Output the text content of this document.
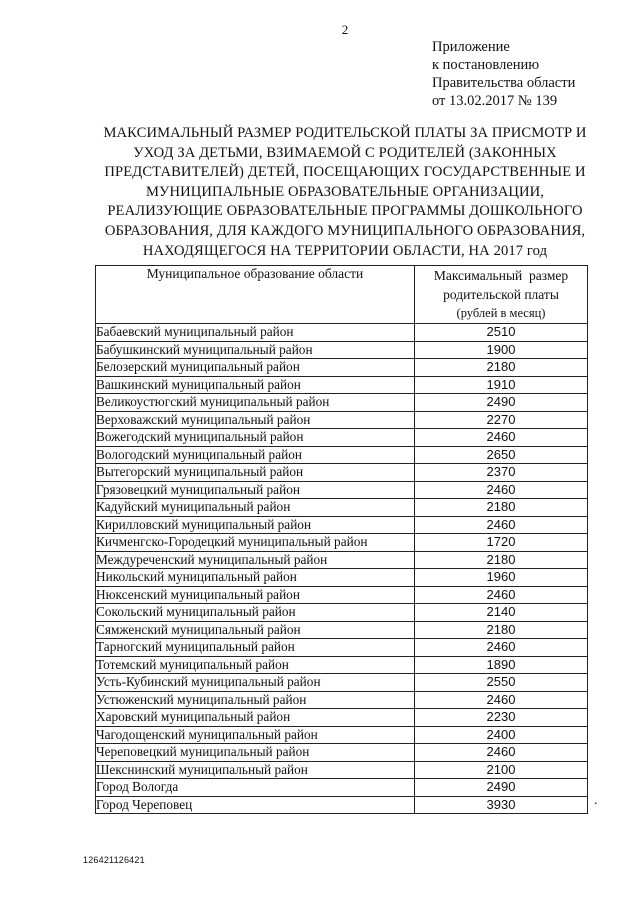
2
Приложение
к постановлению
Правительства области
от 13.02.2017 № 139
МАКСИМАЛЬНЫЙ РАЗМЕР РОДИТЕЛЬСКОЙ ПЛАТЫ ЗА ПРИСМОТР И
УХОД ЗА ДЕТЬМИ, ВЗИМАЕМОЙ С РОДИТЕЛЕЙ (ЗАКОННЫХ
ПРЕДСТАВИТЕЛЕЙ) ДЕТЕЙ, ПОСЕЩАЮЩИХ ГОСУДАРСТВЕННЫЕ И
МУНИЦИПАЛЬНЫЕ ОБРАЗОВАТЕЛЬНЫЕ ОРГАНИЗАЦИИ,
РЕАЛИЗУЮЩИЕ ОБРАЗОВАТЕЛЬНЫЕ ПРОГРАММЫ ДОШКОЛЬНОГО
ОБРАЗОВАНИЯ, ДЛЯ КАЖДОГО МУНИЦИПАЛЬНОГО ОБРАЗОВАНИЯ,
НАХОДЯЩЕГОСЯ НА ТЕРРИТОРИИ ОБЛАСТИ, НА 2017 год
Муниципальное образование области	Максимальный  размер
родительской платы
(рублей в месяц)

Бабаевский муниципальный район	2510
Бабушкинский муниципальный район	1900
Белозерский муниципальный район	2180
Вашкинский муниципальный район	1910
Великоустюгский муниципальный район	2490
Верховажский муниципальный район	2270
Вожегодский муниципальный район	2460
Вологодский муниципальный район	2650
Вытегорский муниципальный район	2370
Грязовецкий муниципальный район	2460
Кадуйский муниципальный район	2180
Кирилловский муниципальный район	2460
Кичменгско-Городецкий муниципальный район	1720
Междуреченский муниципальный район	2180
Никольский муниципальный район	1960
Нюксенский муниципальный район	2460
Сокольский муниципальный район	2140
Сямженский муниципальный район	2180
Тарногский муниципальный район	2460
Тотемский муниципальный район	1890
Усть-Кубинский муниципальный район	2550
Устюженский муниципальный район	2460
Харовский муниципальный район	2230
Чагодощенский муниципальный район	2400
Череповецкий муниципальный район	2460
Шекснинский муниципальный район	2100
Город Вологда	2490
Город Череповец	3930	.
126421126421
